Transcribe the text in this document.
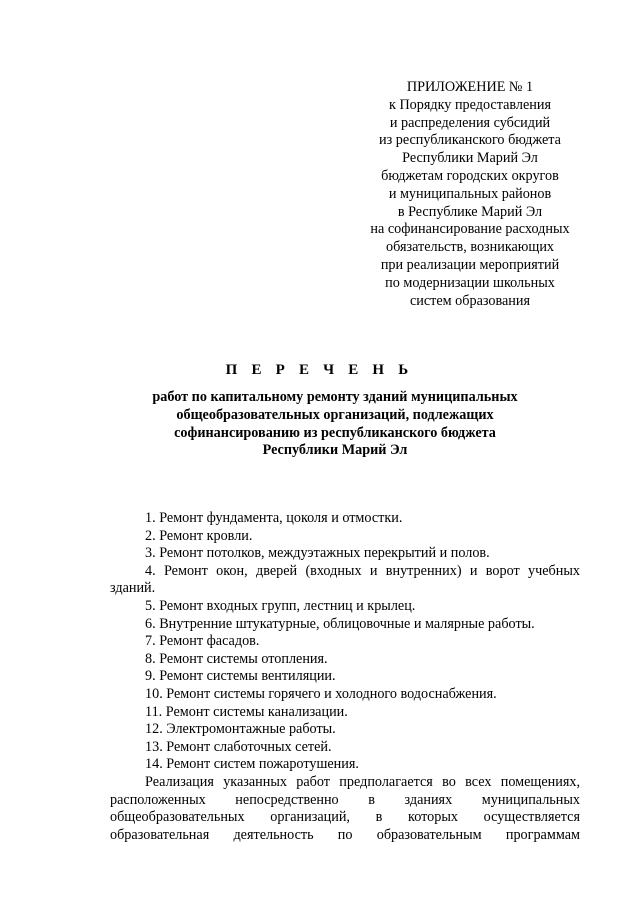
ПРИЛОЖЕНИЕ № 1
к Порядку предоставления
и распределения субсидий
из республиканского бюджета
Республики Марий Эл
бюджетам городских округов
и муниципальных районов
в Республике Марий Эл
на софинансирование расходных
обязательств, возникающих
при реализации мероприятий
по модернизации школьных
систем образования
П Е Р Е Ч Е Н Ь
работ по капитальному ремонту зданий муниципальных
общеобразовательных организаций, подлежащих
софинансированию из республиканского бюджета
Республики Марий Эл
1. Ремонт фундамента, цоколя и отмостки.
2. Ремонт кровли.
3. Ремонт потолков, междуэтажных перекрытий и полов.
4. Ремонт окон, дверей (входных и внутренних) и ворот учебных
зданий.
5. Ремонт входных групп, лестниц и крылец.
6. Внутренние штукатурные, облицовочные и малярные работы.
7. Ремонт фасадов.
8. Ремонт системы отопления.
9. Ремонт системы вентиляции.
10. Ремонт системы горячего и холодного водоснабжения.
11. Ремонт системы канализации.
12. Электромонтажные работы.
13. Ремонт слаботочных сетей.
14. Ремонт систем пожаротушения.
Реализация указанных работ предполагается во всех помещениях,
расположенных непосредственно в зданиях муниципальных
общеобразовательных организаций, в которых осуществляется
образовательная деятельность по образовательным программам
